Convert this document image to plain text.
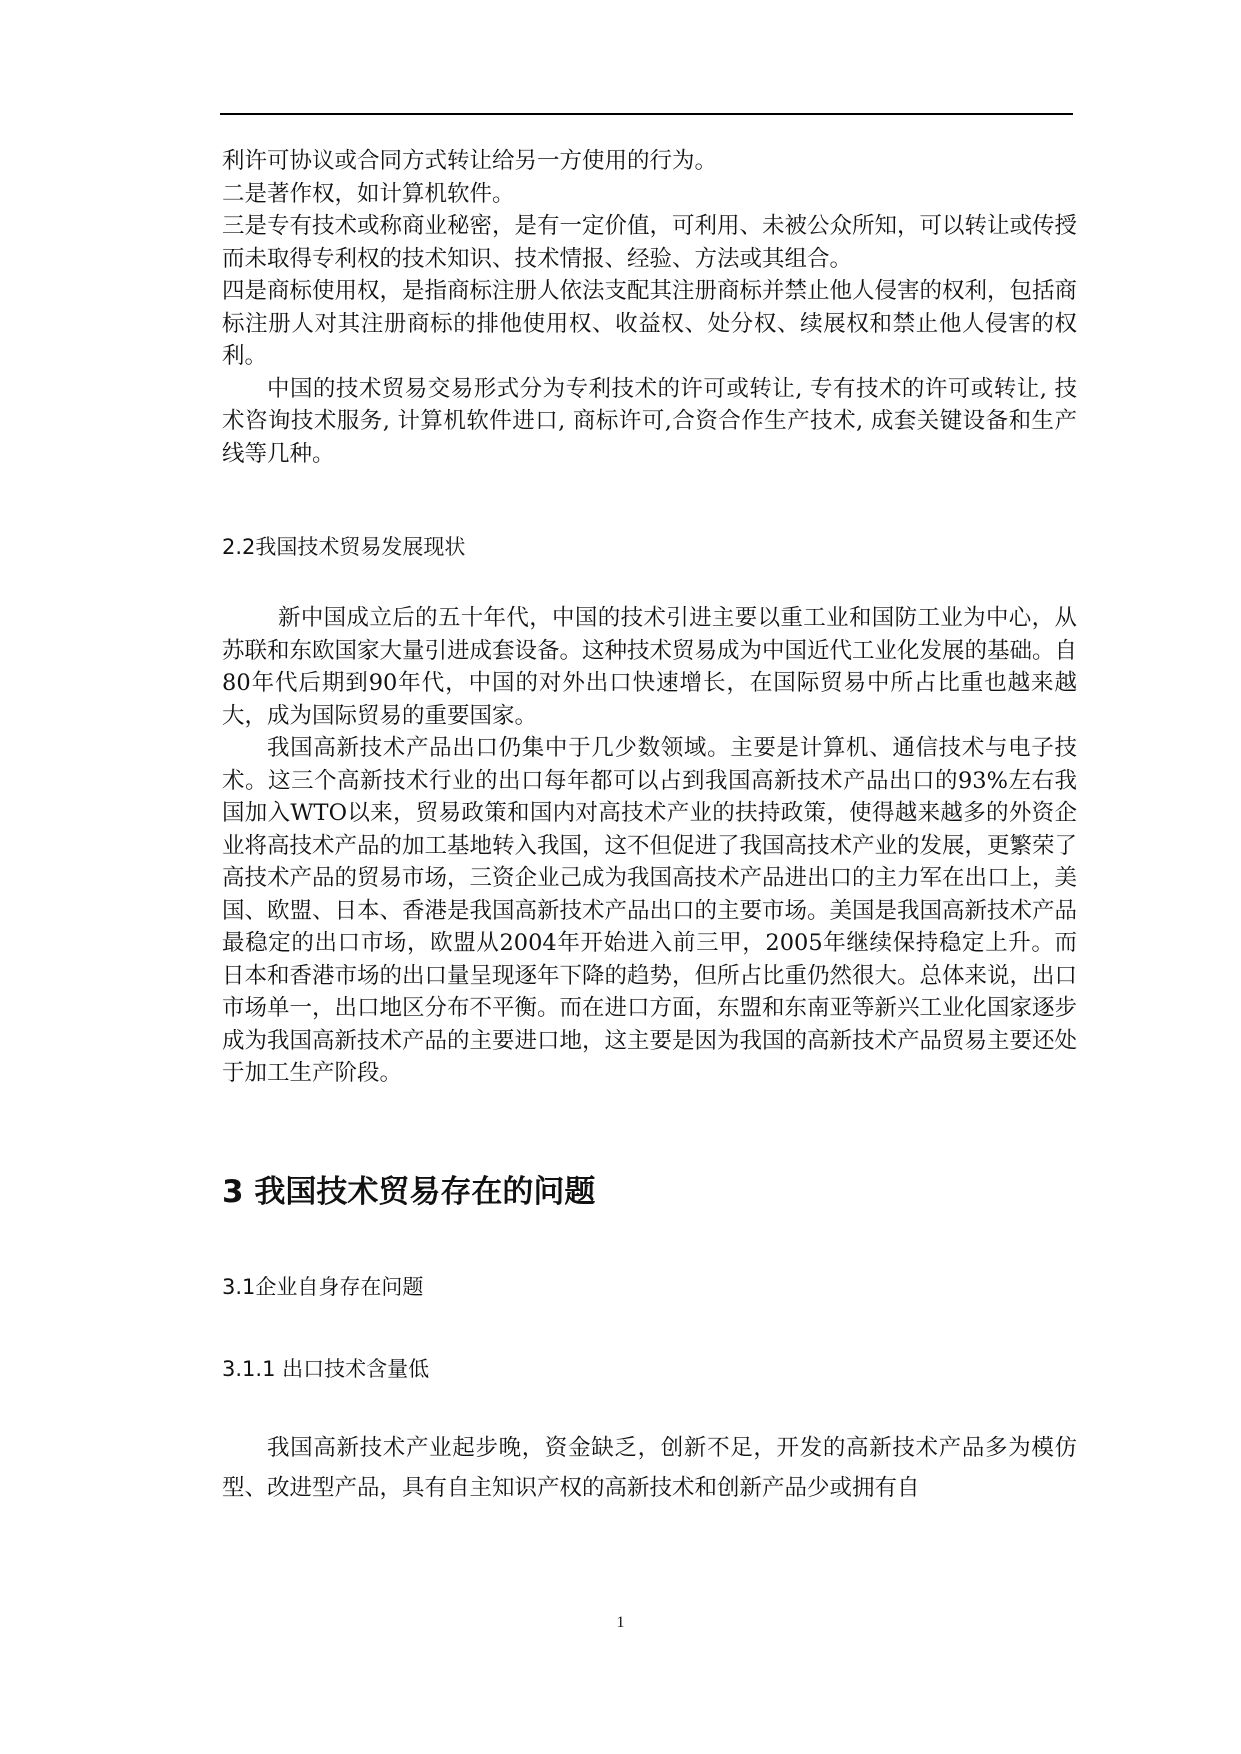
利许可协议或合同方式转让给另一方使用的行为。

二是著作权，如计算机软件。

三是专有技术或称商业秘密，是有一定价值，可利用、未被公众所知，可以转让或传授而未取得专利权的技术知识、技术情报、经验、方法或其组合。

四是商标使用权，是指商标注册人依法支配其注册商标并禁止他人侵害的权利，包括商标注册人对其注册商标的排他使用权、收益权、处分权、续展权和禁止他人侵害的权利。

中国的技术贸易交易形式分为专利技术的许可或转让, 专有技术的许可或转让, 技术咨询技术服务, 计算机软件进口, 商标许可,合资合作生产技术, 成套关键设备和生产线等几种。

2.2我国技术贸易发展现状

新中国成立后的五十年代，中国的技术引进主要以重工业和国防工业为中心，从苏联和东欧国家大量引进成套设备。这种技术贸易成为中国近代工业化发展的基础。自80年代后期到90年代，中国的对外出口快速增长，在国际贸易中所占比重也越来越大，成为国际贸易的重要国家。

我国高新技术产品出口仍集中于几少数领域。主要是计算机、通信技术与电子技术。这三个高新技术行业的出口每年都可以占到我国高新技术产品出口的93%左右我国加入WTO以来，贸易政策和国内对高技术产业的扶持政策，使得越来越多的外资企业将高技术产品的加工基地转入我国，这不但促进了我国高技术产业的发展，更繁荣了高技术产品的贸易市场，三资企业己成为我国高技术产品进出口的主力军在出口上，美国、欧盟、日本、香港是我国高新技术产品出口的主要市场。美国是我国高新技术产品最稳定的出口市场，欧盟从2004年开始进入前三甲，2005年继续保持稳定上升。而日本和香港市场的出口量呈现逐年下降的趋势，但所占比重仍然很大。总体来说，出口市场单一，出口地区分布不平衡。而在进口方面，东盟和东南亚等新兴工业化国家逐步成为我国高新技术产品的主要进口地，这主要是因为我国的高新技术产品贸易主要还处于加工生产阶段。

3 我国技术贸易存在的问题

3.1企业自身存在问题

3.1.1 出口技术含量低

我国高新技术产业起步晚，资金缺乏，创新不足，开发的高新技术产品多为模仿型、改进型产品，具有自主知识产权的高新技术和创新产品少或拥有自

1
